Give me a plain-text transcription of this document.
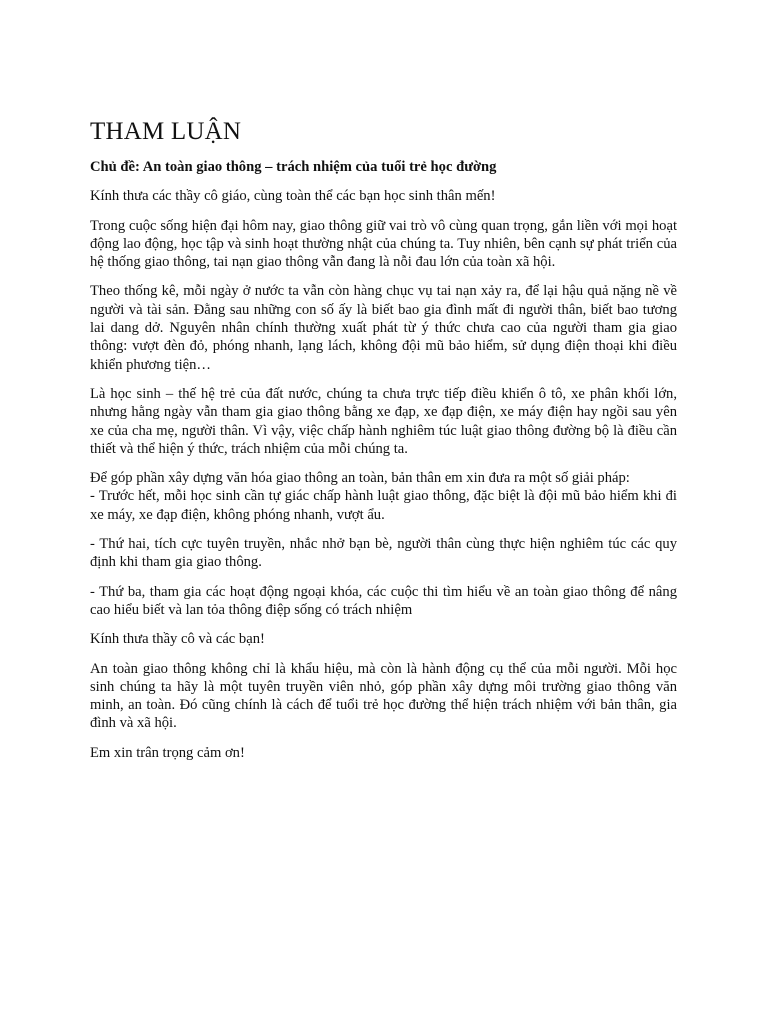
THAM LUẬN
Chủ đề: An toàn giao thông – trách nhiệm của tuổi trẻ học đường

Kính thưa các thầy cô giáo, cùng toàn thể các bạn học sinh thân mến!

Trong cuộc sống hiện đại hôm nay, giao thông giữ vai trò vô cùng quan trọng, gắn liền với mọi hoạt động lao động, học tập và sinh hoạt thường nhật của chúng ta. Tuy nhiên, bên cạnh sự phát triển của hệ thống giao thông, tai nạn giao thông vẫn đang là nỗi đau lớn của toàn xã hội.

Theo thống kê, mỗi ngày ở nước ta vẫn còn hàng chục vụ tai nạn xảy ra, để lại hậu quả nặng nề về người và tài sản. Đằng sau những con số ấy là biết bao gia đình mất đi người thân, biết bao tương lai dang dở. Nguyên nhân chính thường xuất phát từ ý thức chưa cao của người tham gia giao thông: vượt đèn đỏ, phóng nhanh, lạng lách, không đội mũ bảo hiểm, sử dụng điện thoại khi điều khiển phương tiện…

Là học sinh – thế hệ trẻ của đất nước, chúng ta chưa trực tiếp điều khiển ô tô, xe phân khối lớn, nhưng hằng ngày vẫn tham gia giao thông bằng xe đạp, xe đạp điện, xe máy điện hay ngồi sau yên xe của cha mẹ, người thân. Vì vậy, việc chấp hành nghiêm túc luật giao thông đường bộ là điều cần thiết và thể hiện ý thức, trách nhiệm của mỗi chúng ta.

Để góp phần xây dựng văn hóa giao thông an toàn, bản thân em xin đưa ra một số giải pháp:

- Trước hết, mỗi học sinh cần tự giác chấp hành luật giao thông, đặc biệt là đội mũ bảo hiểm khi đi xe máy, xe đạp điện, không phóng nhanh, vượt ẩu.

- Thứ hai, tích cực tuyên truyền, nhắc nhở bạn bè, người thân cùng thực hiện nghiêm túc các quy định khi tham gia giao thông.

- Thứ ba, tham gia các hoạt động ngoại khóa, các cuộc thi tìm hiểu về an toàn giao thông để nâng cao hiểu biết và lan tỏa thông điệp sống có trách nhiệm

Kính thưa thầy cô và các bạn!

An toàn giao thông không chỉ là khẩu hiệu, mà còn là hành động cụ thể của mỗi người. Mỗi học sinh chúng ta hãy là một tuyên truyền viên nhỏ, góp phần xây dựng môi trường giao thông văn minh, an toàn. Đó cũng chính là cách để tuổi trẻ học đường thể hiện trách nhiệm với bản thân, gia đình và xã hội.

Em xin trân trọng cảm ơn!
